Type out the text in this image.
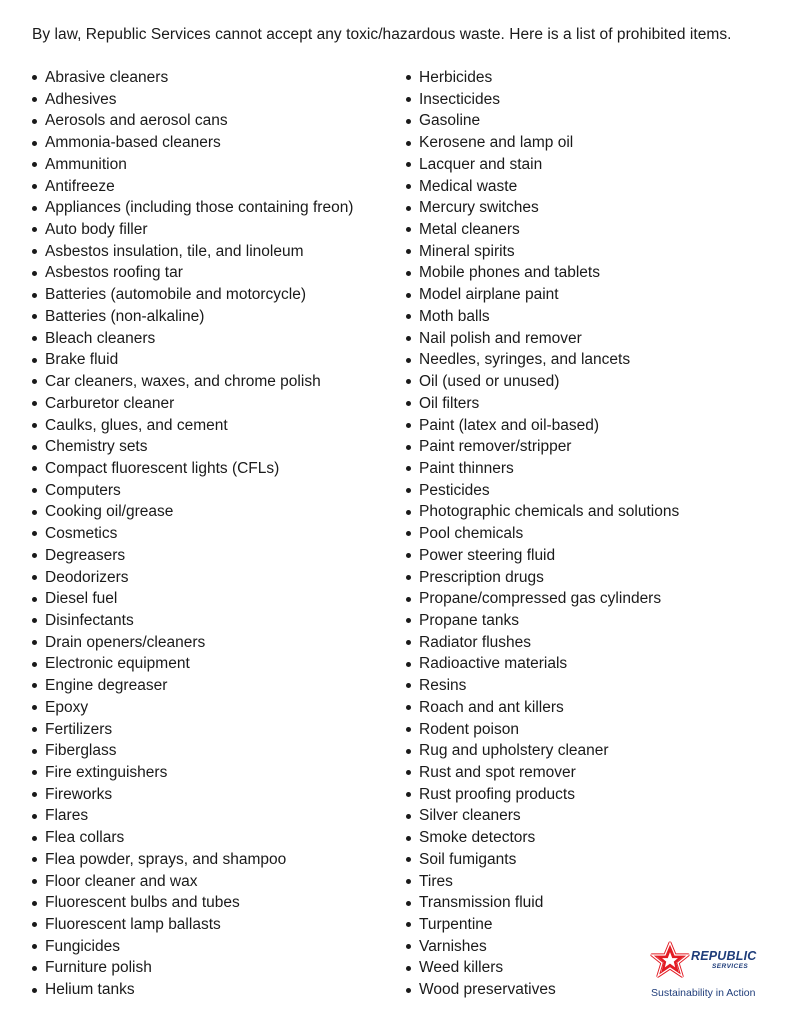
By law, Republic Services cannot accept any toxic/hazardous waste. Here is a list of prohibited items.
Abrasive cleaners
Adhesives
Aerosols and aerosol cans
Ammonia-based cleaners
Ammunition
Antifreeze
Appliances (including those containing freon)
Auto body filler
Asbestos insulation, tile, and linoleum
Asbestos roofing tar
Batteries (automobile and motorcycle)
Batteries (non-alkaline)
Bleach cleaners
Brake fluid
Car cleaners, waxes, and chrome polish
Carburetor cleaner
Caulks, glues, and cement
Chemistry sets
Compact fluorescent lights (CFLs)
Computers
Cooking oil/grease
Cosmetics
Degreasers
Deodorizers
Diesel fuel
Disinfectants
Drain openers/cleaners
Electronic equipment
Engine degreaser
Epoxy
Fertilizers
Fiberglass
Fire extinguishers
Fireworks
Flares
Flea collars
Flea powder, sprays, and shampoo
Floor cleaner and wax
Fluorescent bulbs and tubes
Fluorescent lamp ballasts
Fungicides
Furniture polish
Helium tanks
Herbicides
Insecticides
Gasoline
Kerosene and lamp oil
Lacquer and stain
Medical waste
Mercury switches
Metal cleaners
Mineral spirits
Mobile phones and tablets
Model airplane paint
Moth balls
Nail polish and remover
Needles, syringes, and lancets
Oil (used or unused)
Oil filters
Paint (latex and oil-based)
Paint remover/stripper
Paint thinners
Pesticides
Photographic chemicals and solutions
Pool chemicals
Power steering fluid
Prescription drugs
Propane/compressed gas cylinders
Propane tanks
Radiator flushes
Radioactive materials
Resins
Roach and ant killers
Rodent poison
Rug and upholstery cleaner
Rust and spot remover
Rust proofing products
Silver cleaners
Smoke detectors
Soil fumigants
Tires
Transmission fluid
Turpentine
Varnishes
Weed killers
Wood preservatives
REPUBLIC
SERVICES
Sustainability in Action
